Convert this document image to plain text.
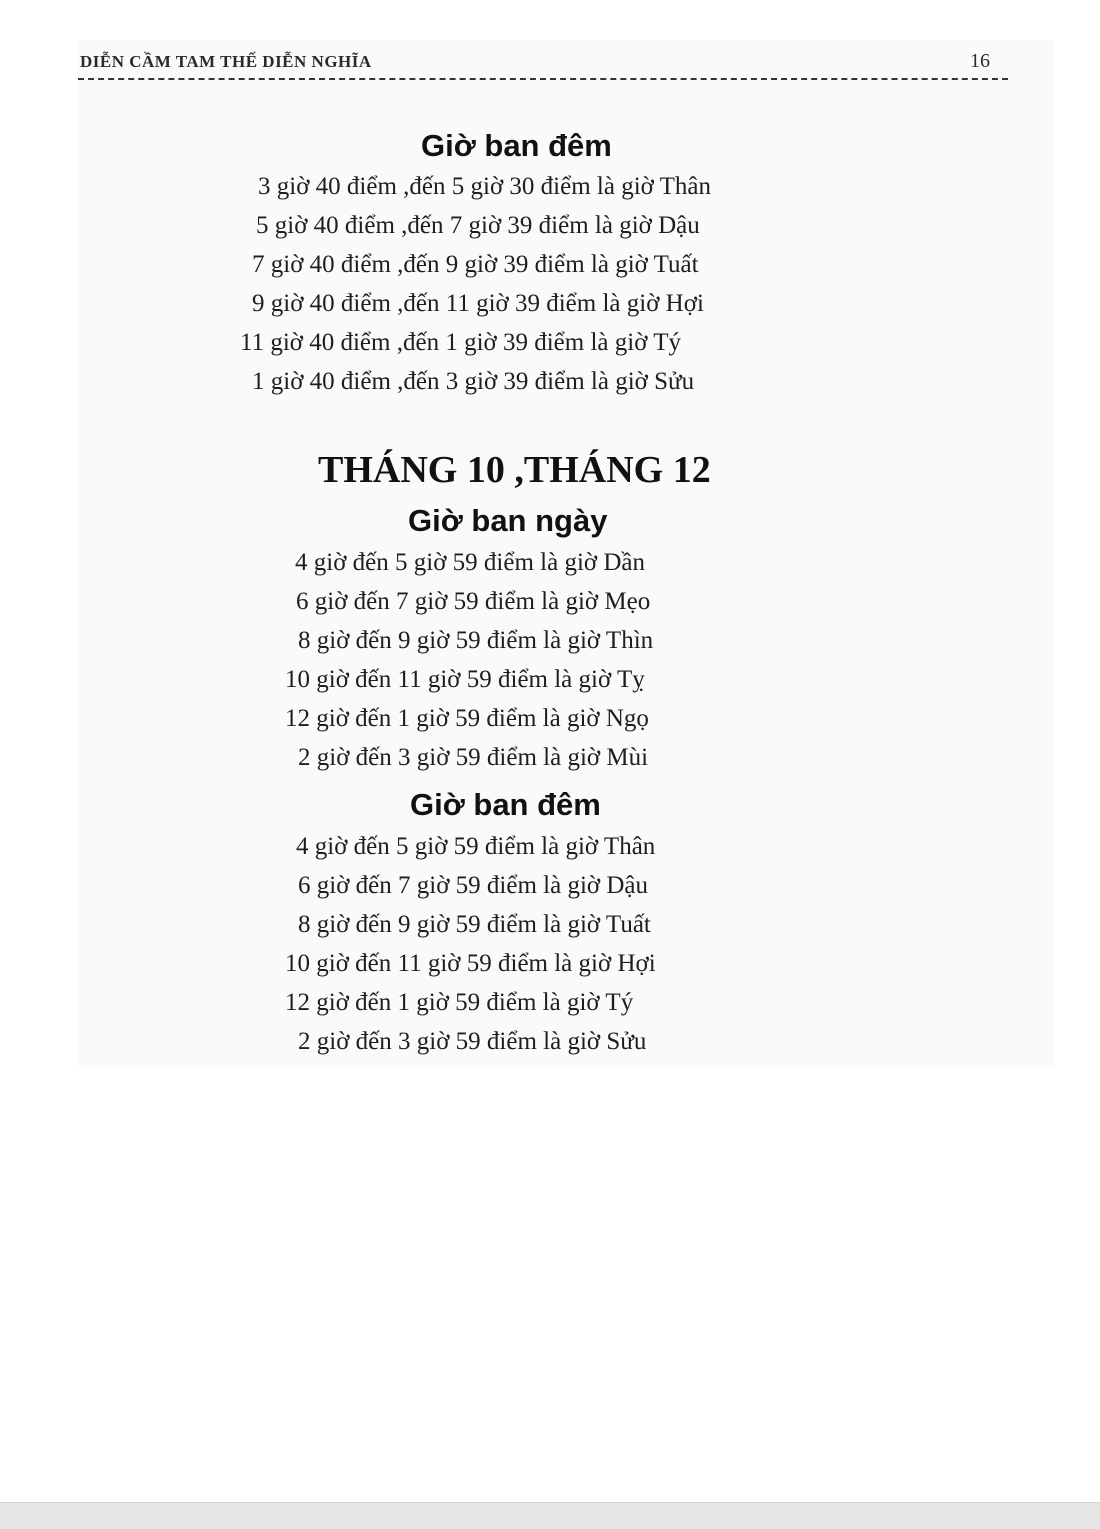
DIỄN CẦM TAM THẾ DIỄN NGHĨA	16
Giờ ban đêm
3 giờ 40 điểm ,đến 5 giờ 30 điểm là giờ Thân
5 giờ 40 điểm ,đến 7 giờ 39 điểm là giờ Dậu
7 giờ 40 điểm ,đến 9 giờ 39 điểm là giờ Tuất
9 giờ 40 điểm ,đến 11 giờ 39 điểm là giờ Hợi
11 giờ 40 điểm ,đến 1 giờ 39 điểm là giờ Tý
1 giờ 40 điểm ,đến 3 giờ 39 điểm là giờ Sửu
THÁNG 10 ,THÁNG 12
Giờ ban ngày
4 giờ đến 5 giờ 59 điểm là giờ Dần
6 giờ đến 7 giờ 59 điểm là giờ Mẹo
8 giờ đến 9 giờ 59 điểm là giờ Thìn
10 giờ đến 11 giờ 59 điểm là giờ Tỵ
12 giờ đến 1 giờ 59 điểm là giờ Ngọ
2 giờ đến 3 giờ 59 điểm là giờ Mùi
Giờ ban đêm
4 giờ đến 5 giờ 59 điểm là giờ Thân
6 giờ đến 7 giờ 59 điểm là giờ Dậu
8 giờ đến 9 giờ 59 điểm là giờ Tuất
10 giờ đến 11 giờ 59 điểm là giờ Hợi
12 giờ đến 1 giờ 59 điểm là giờ Tý
2 giờ đến 3 giờ 59 điểm là giờ Sửu
